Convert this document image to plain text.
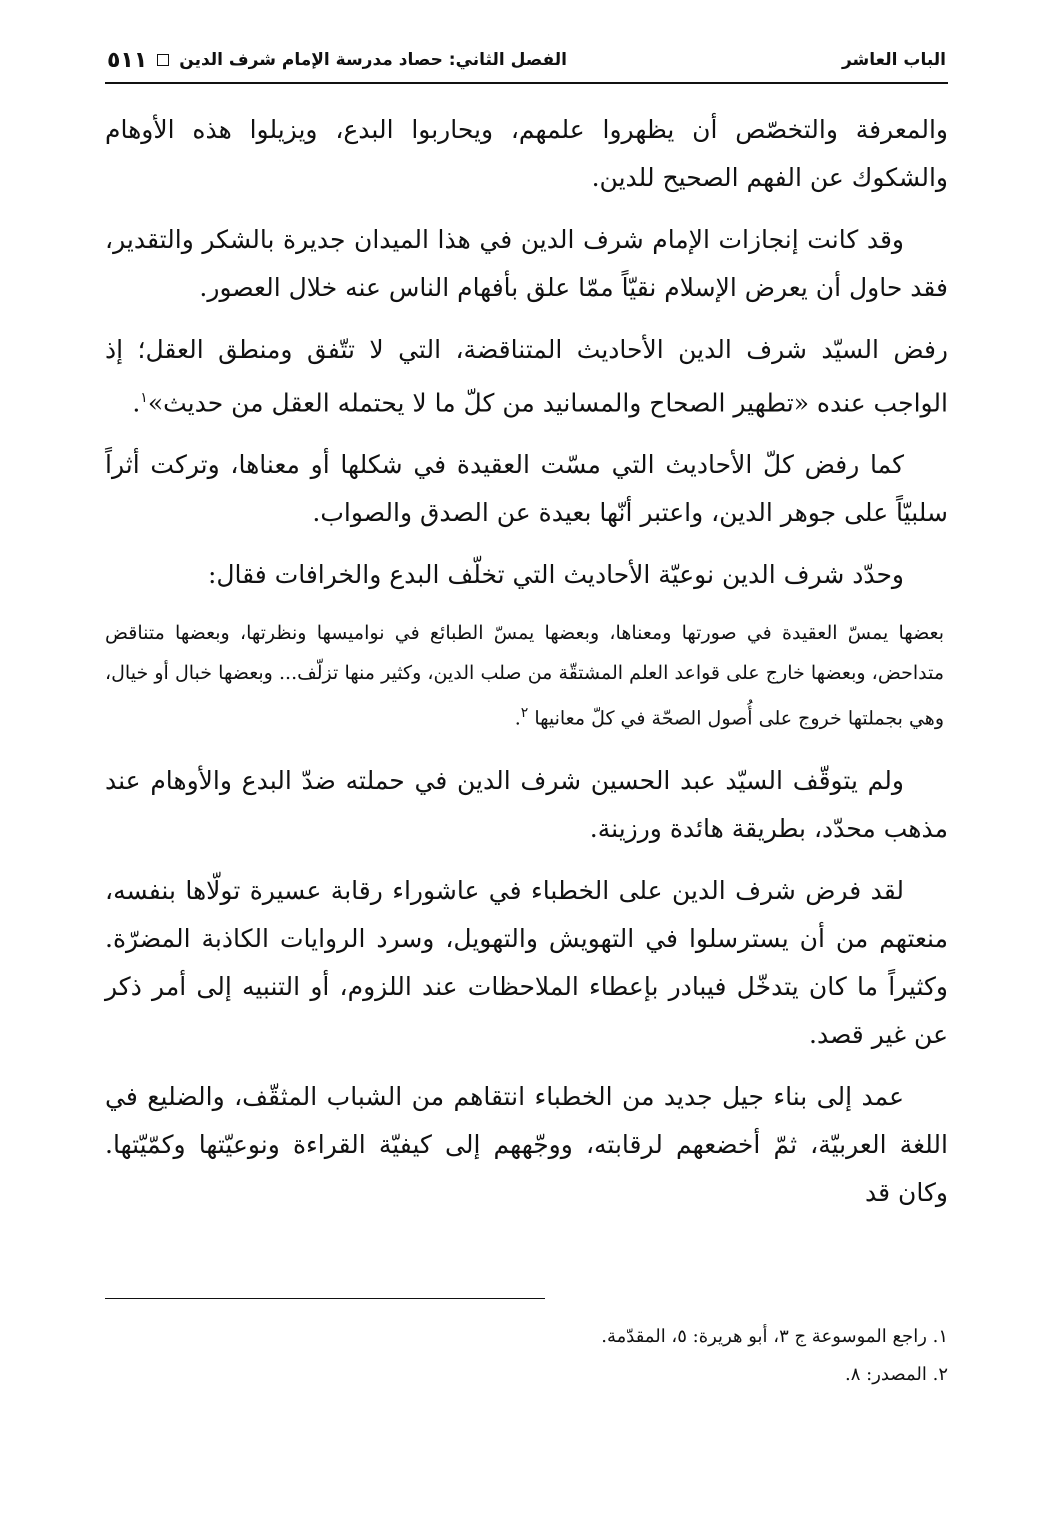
الباب العاشر
الفصل الثاني: حصاد مدرسة الإمام شرف الدين
٥١١

والمعرفة والتخصّص أن يظهروا علمهم، ويحاربوا البدع، ويزيلوا هذه الأوهام والشكوك عن الفهم الصحيح للدين.

وقد كانت إنجازات الإمام شرف الدين في هذا الميدان جديرة بالشكر والتقدير، فقد حاول أن يعرض الإسلام نقيّاً ممّا علق بأفهام الناس عنه خلال العصور.

رفض السيّد شرف الدين الأحاديث المتناقضة، التي لا تتّفق ومنطق العقل؛ إذ الواجب عنده «تطهير الصحاح والمسانيد من كلّ ما لا يحتمله العقل من حديث»$^١$.

كما رفض كلّ الأحاديث التي مسّت العقيدة في شكلها أو معناها، وتركت أثراً سلبيّاً على جوهر الدين، واعتبر أنّها بعيدة عن الصدق والصواب.

وحدّد شرف الدين نوعيّة الأحاديث التي تخلّف البدع والخرافات فقال:

بعضها يمسّ العقيدة في صورتها ومعناها، وبعضها يمسّ الطبائع في نواميسها ونظرتها، وبعضها متناقض متداحض، وبعضها خارج على قواعد العلم المشتقّة من صلب الدين، وكثير منها تزلّف... وبعضها خبال أو خيال، وهي بجملتها خروج على أُصول الصحّة في كلّ معانيها $^٢$.

ولم يتوقّف السيّد عبد الحسين شرف الدين في حملته ضدّ البدع والأوهام عند مذهب محدّد، بطريقة هائدة ورزينة.

لقد فرض شرف الدين على الخطباء في عاشوراء رقابة عسيرة تولّاها بنفسه، منعتهم من أن يسترسلوا في التهويش والتهويل، وسرد الروايات الكاذبة المضرّة. وكثيراً ما كان يتدخّل فيبادر بإعطاء الملاحظات عند اللزوم، أو التنبيه إلى أمر ذكر عن غير قصد.

عمد إلى بناء جيل جديد من الخطباء انتقاهم من الشباب المثقّف، والضليع في اللغة العربيّة، ثمّ أخضعهم لرقابته، ووجّههم إلى كيفيّة القراءة ونوعيّتها وكمّيّتها. وكان قد

١. راجع الموسوعة ج ٣، أبو هريرة: ٥، المقدّمة.
٢. المصدر: ٨.
